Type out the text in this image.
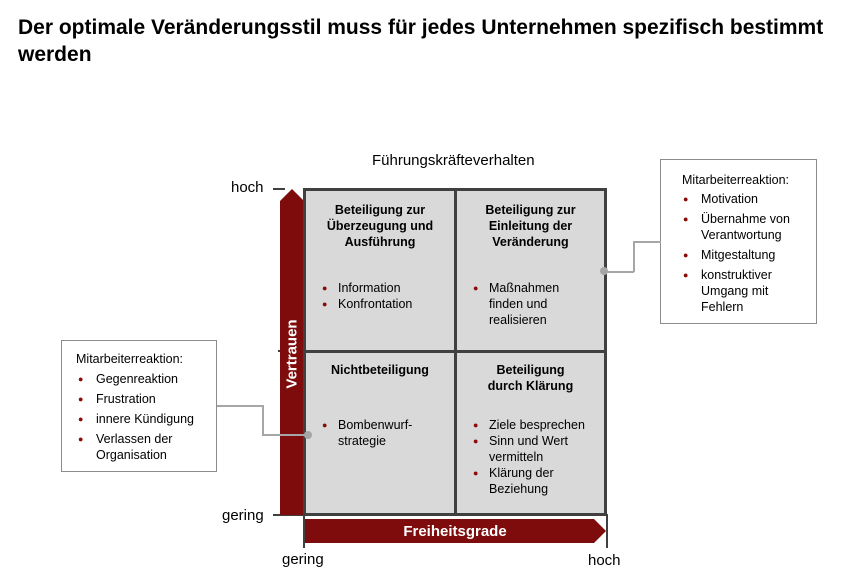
Der optimale Veränderungsstil muss für jedes Unternehmen spezifisch bestimmt werden
Führungskräfteverhalten
hoch
gering
gering	hoch
Vertrauen
Freiheitsgrade
Beteiligung zur Überzeugung und Ausführung
● Information
● Konfrontation
Beteiligung zur Einleitung der Veränderung
● Maßnahmen finden und realisieren
Nichtbeteiligung
● Bombenwurf-strategie
Beteiligung durch Klärung
● Ziele besprechen
● Sinn und Wert vermitteln
● Klärung der Beziehung
Mitarbeiterreaktion:
● Motivation
● Übernahme von Verantwortung
● Mitgestaltung
● konstruktiver Umgang mit Fehlern
Mitarbeiterreaktion:
● Gegenreaktion
● Frustration
● innere Kündigung
● Verlassen der Organisation
